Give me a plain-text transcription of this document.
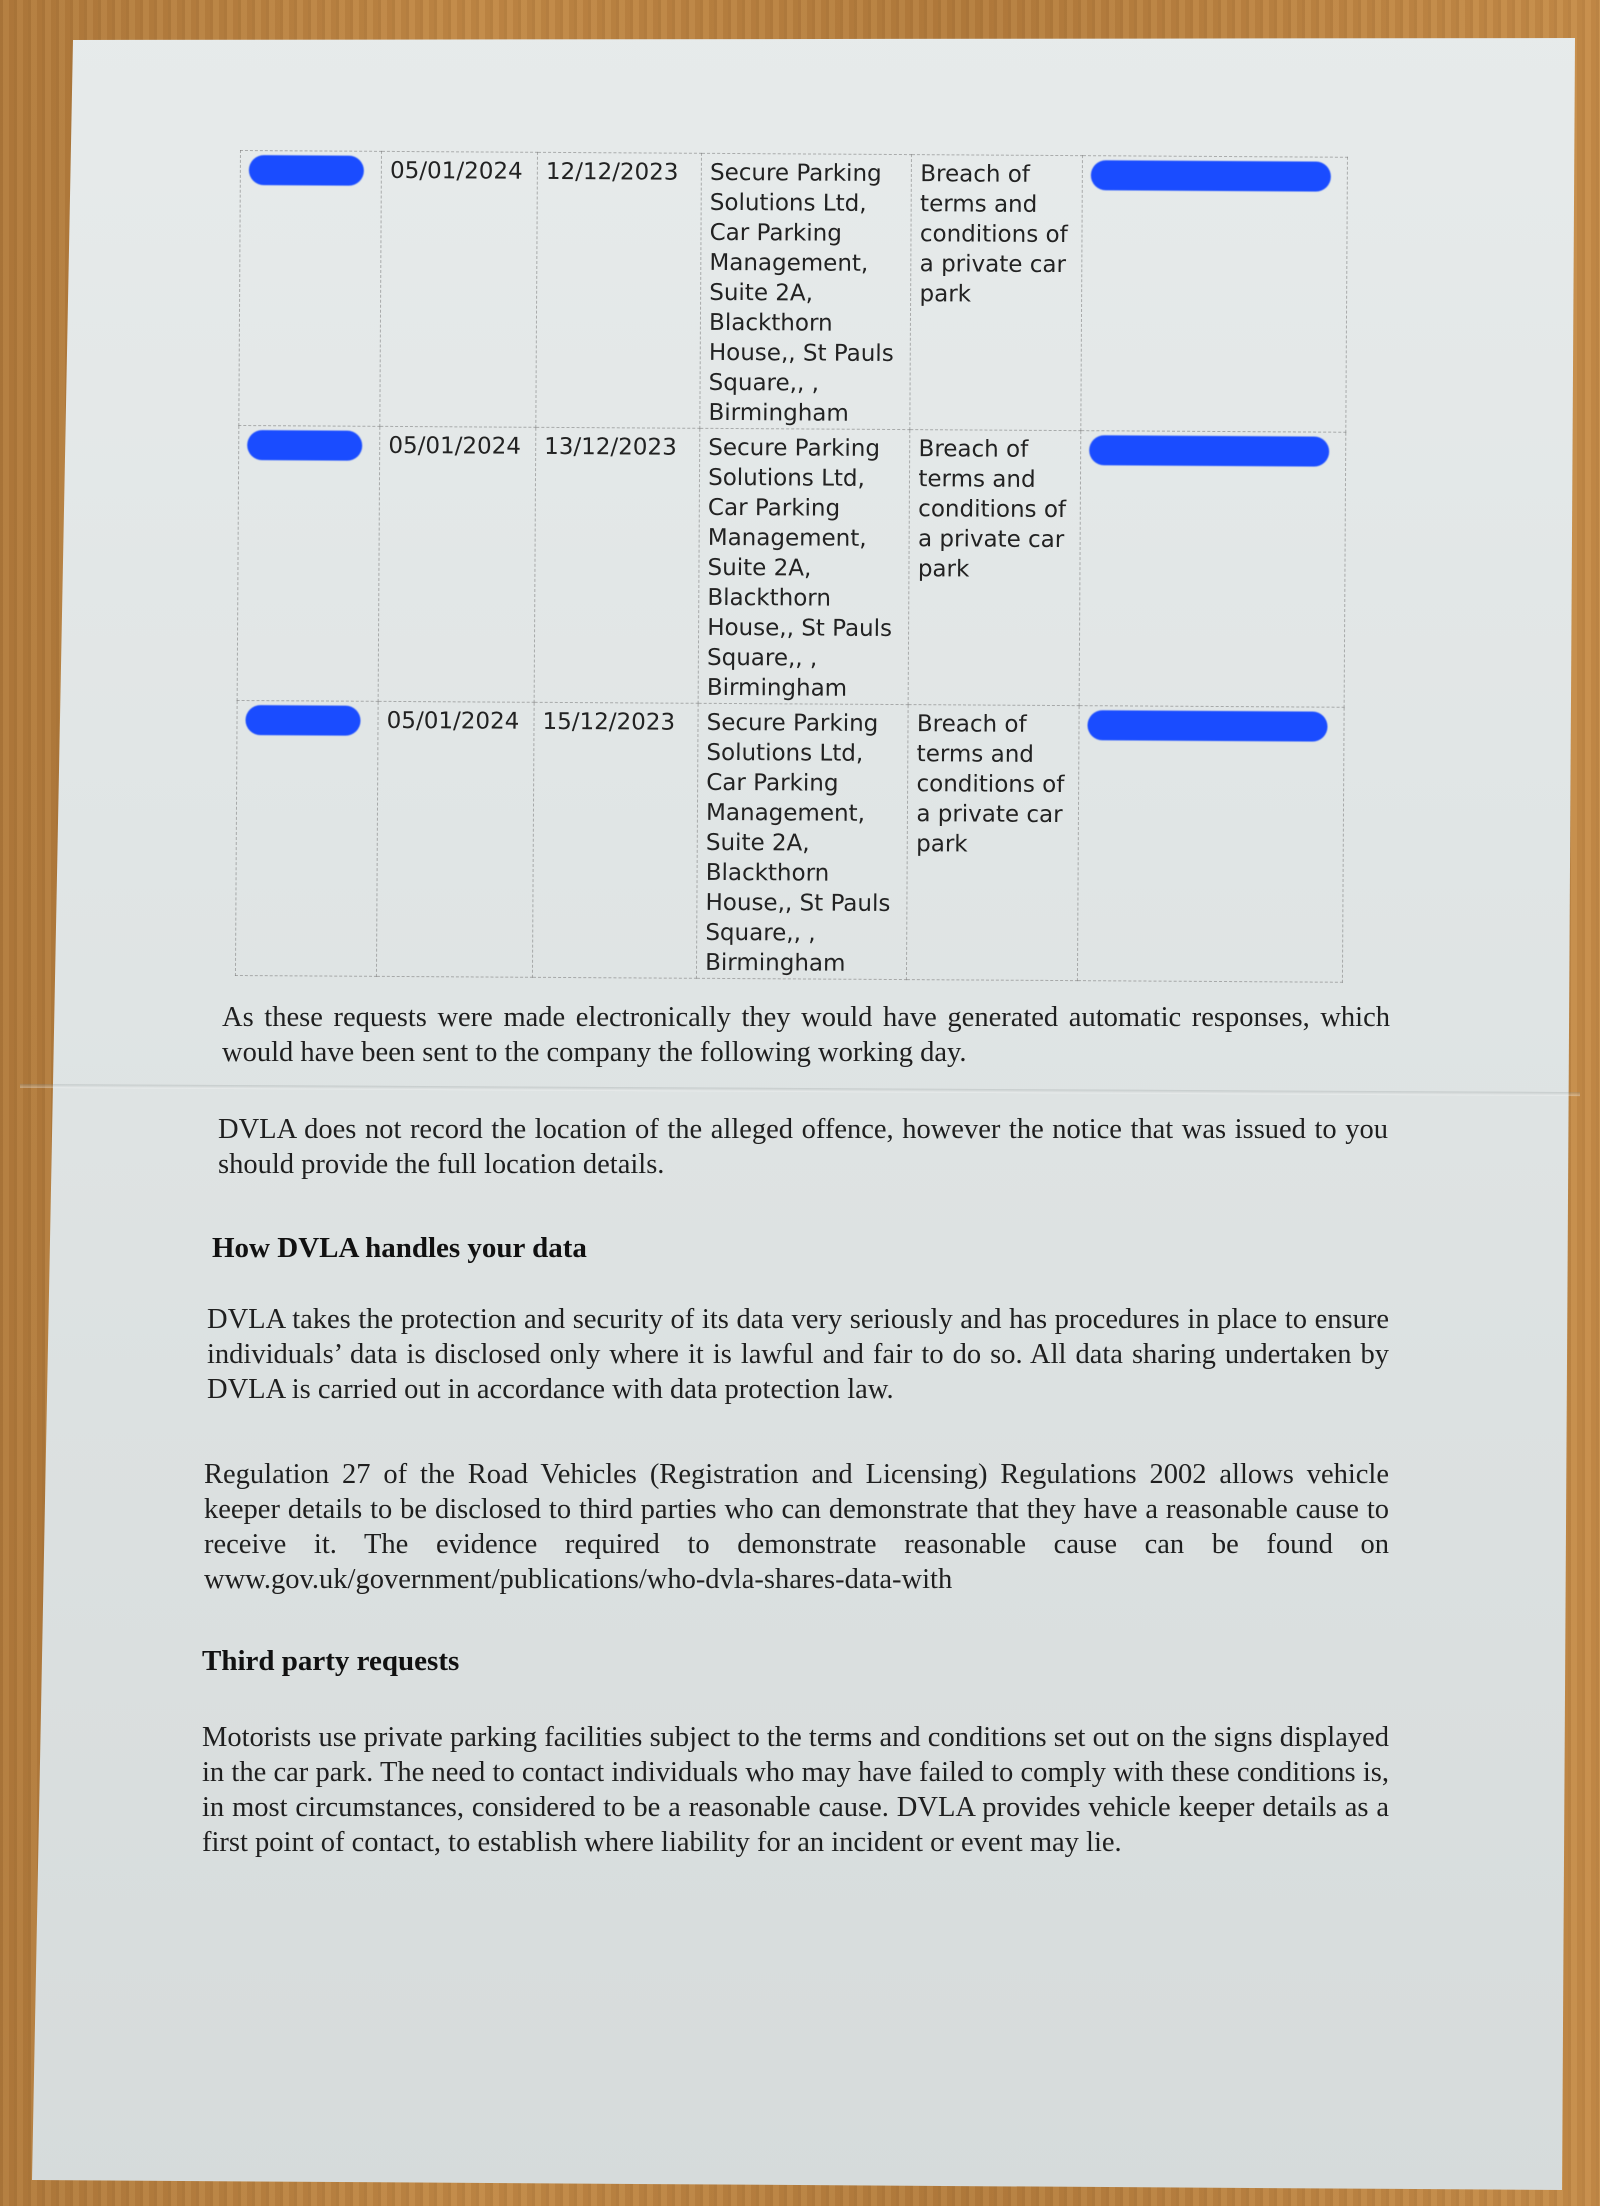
	05/01/2024	12/12/2023	Secure Parking Solutions Ltd, Car Parking Management, Suite 2A, Blackthorn House,, St Pauls Square,, , Birmingham	Breach of terms and conditions of a private car park	
	05/01/2024	13/12/2023	Secure Parking Solutions Ltd, Car Parking Management, Suite 2A, Blackthorn House,, St Pauls Square,, , Birmingham	Breach of terms and conditions of a private car park	
	05/01/2024	15/12/2023	Secure Parking Solutions Ltd, Car Parking Management, Suite 2A, Blackthorn House,, St Pauls Square,, , Birmingham	Breach of terms and conditions of a private car park	

As these requests were made electronically they would have generated automatic responses, which would have been sent to the company the following working day.

DVLA does not record the location of the alleged offence, however the notice that was issued to you should provide the full location details.

How DVLA handles your data

DVLA takes the protection and security of its data very seriously and has procedures in place to ensure individuals’ data is disclosed only where it is lawful and fair to do so. All data sharing undertaken by DVLA is carried out in accordance with data protection law.

Regulation 27 of the Road Vehicles (Registration and Licensing) Regulations 2002 allows vehicle keeper details to be disclosed to third parties who can demonstrate that they have a reasonable cause to receive it. The evidence required to demonstrate reasonable cause can be found on www.gov.uk/government/publications/who-dvla-shares-data-with

Third party requests

Motorists use private parking facilities subject to the terms and conditions set out on the signs displayed in the car park. The need to contact individuals who may have failed to comply with these conditions is, in most circumstances, considered to be a reasonable cause. DVLA provides vehicle keeper details as a first point of contact, to establish where liability for an incident or event may lie.
